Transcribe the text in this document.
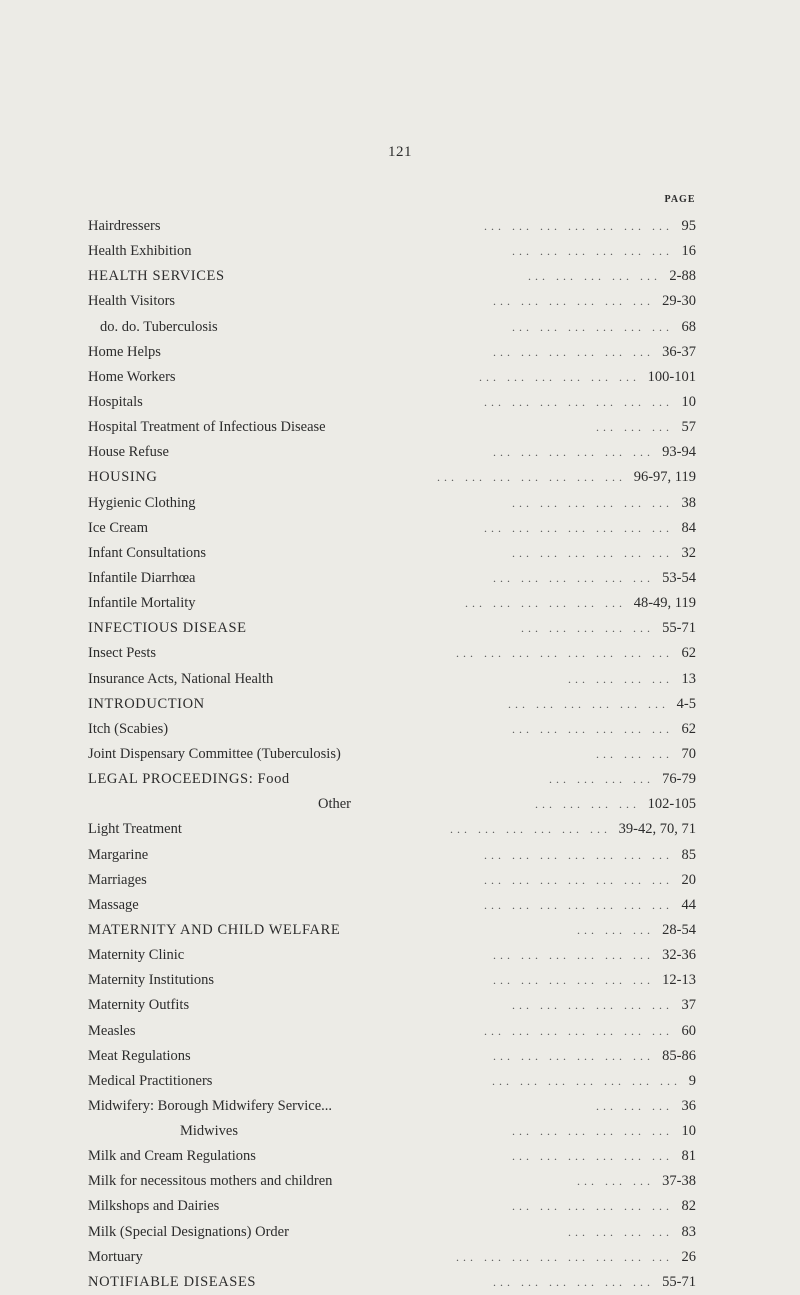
121
PAGE
Hairdressers	... ... ... ... ... ... ... 95
Health Exhibition	... ... ... ... ... ... 16
HEALTH SERVICES	... ... ... ... ... 2-88
Health Visitors	... ... ... ... ... ... 29-30
do. do. Tuberculosis	... ... ... ... ... ... 68
Home Helps	... ... ... ... ... ... 36-37
Home Workers	... ... ... ... ... ... 100-101
Hospitals	... ... ... ... ... ... ... 10
Hospital Treatment of Infectious Disease	... ... ... 57
House Refuse	... ... ... ... ... ... 93-94
HOUSING	... ... ... ... ... ... ... 96-97, 119
Hygienic Clothing	... ... ... ... ... ... 38
Ice Cream	... ... ... ... ... ... ... 84
Infant Consultations	... ... ... ... ... ... 32
Infantile Diarrhœa	... ... ... ... ... ... 53-54
Infantile Mortality	... ... ... ... ... ... 48-49, 119
INFECTIOUS DISEASE	... ... ... ... ... 55-71
Insect Pests	... ... ... ... ... ... ... ... 62
Insurance Acts, National Health	... ... ... ... 13
INTRODUCTION	... ... ... ... ... ... 4-5
Itch (Scabies)	... ... ... ... ... ... 62
Joint Dispensary Committee (Tuberculosis)	... ... ... 70
LEGAL PROCEEDINGS: Food	... ... ... ... 76-79
Other	... ... ... ... 102-105
Light Treatment	... ... ... ... ... ... 39-42, 70, 71
Margarine	... ... ... ... ... ... ... 85
Marriages	... ... ... ... ... ... ... 20
Massage	... ... ... ... ... ... ... 44
MATERNITY AND CHILD WELFARE	... ... ... 28-54
Maternity Clinic	... ... ... ... ... ... 32-36
Maternity Institutions	... ... ... ... ... ... 12-13
Maternity Outfits	... ... ... ... ... ... 37
Measles	... ... ... ... ... ... ... 60
Meat Regulations	... ... ... ... ... ... 85-86
Medical Practitioners	... ... ... ... ... ... ... 9
Midwifery: Borough Midwifery Service...	... ... ... 36
Midwives	... ... ... ... ... ... 10
Milk and Cream Regulations	... ... ... ... ... ... 81
Milk for necessitous mothers and children	... ... ... 37-38
Milkshops and Dairies	... ... ... ... ... ... 82
Milk (Special Designations) Order	... ... ... ... 83
Mortuary	... ... ... ... ... ... ... ... 26
NOTIFIABLE DISEASES	... ... ... ... ... ... 55-71
